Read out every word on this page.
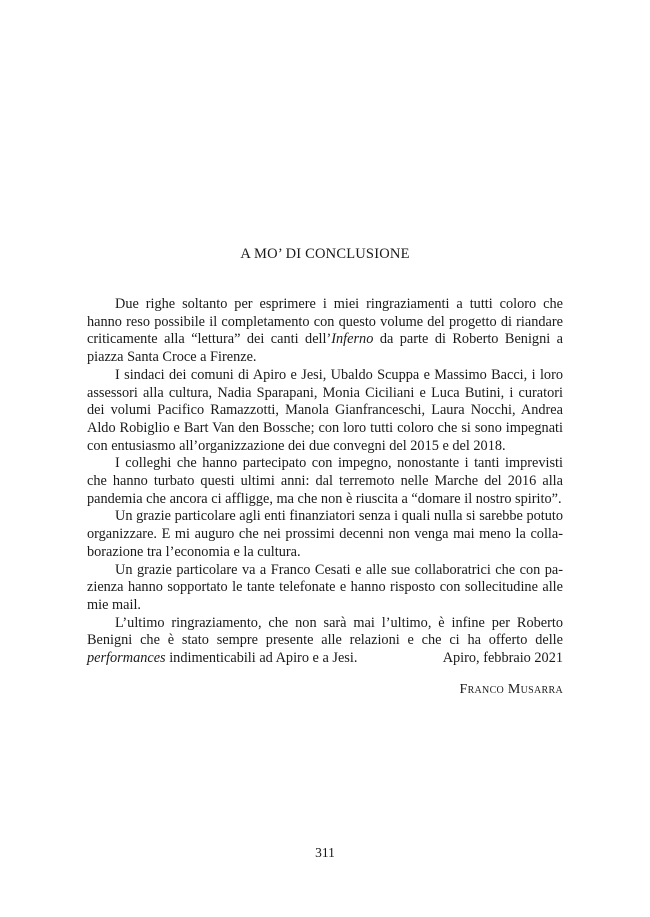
A MO’ DI CONCLUSIONE

Due righe soltanto per esprimere i miei ringraziamenti a tutti coloro che hanno reso possibile il completamento con questo volume del progetto di riandare criticamente alla “lettura” dei canti dell’Inferno da parte di Roberto Benigni a piazza Santa Croce a Firenze.

I sindaci dei comuni di Apiro e Jesi, Ubaldo Scuppa e Massimo Bacci, i loro assessori alla cultura, Nadia Sparapani, Monia Ciciliani e Luca Butini, i curatori dei volumi Pacifico Ramazzotti, Manola Gianfranceschi, Laura Nocchi, Andrea Aldo Robiglio e Bart Van den Bossche; con loro tutti coloro che si sono impegnati con entusiasmo all’organizzazione dei due convegni del 2015 e del 2018.

I colleghi che hanno partecipato con impegno, nonostante i tanti imprevisti che hanno turbato questi ultimi anni: dal terremoto nelle Marche del 2016 alla pandemia che ancora ci affligge, ma che non è riuscita a “domare il nostro spirito”.

Un grazie particolare agli enti finanziatori senza i quali nulla si sarebbe potuto organizzare. E mi auguro che nei prossimi decenni non venga mai meno la collaborazione tra l’economia e la cultura.

Un grazie particolare va a Franco Cesati e alle sue collaboratrici che con pazienza hanno sopportato le tante telefonate e hanno risposto con sollecitudine alle mie mail.

L’ultimo ringraziamento, che non sarà mai l’ultimo, è infine per Roberto Benigni che è stato sempre presente alle relazioni e che ci ha offerto delle performances indimenticabili ad Apiro e a Jesi.	Apiro, febbraio 2021

Franco Musarra

311
